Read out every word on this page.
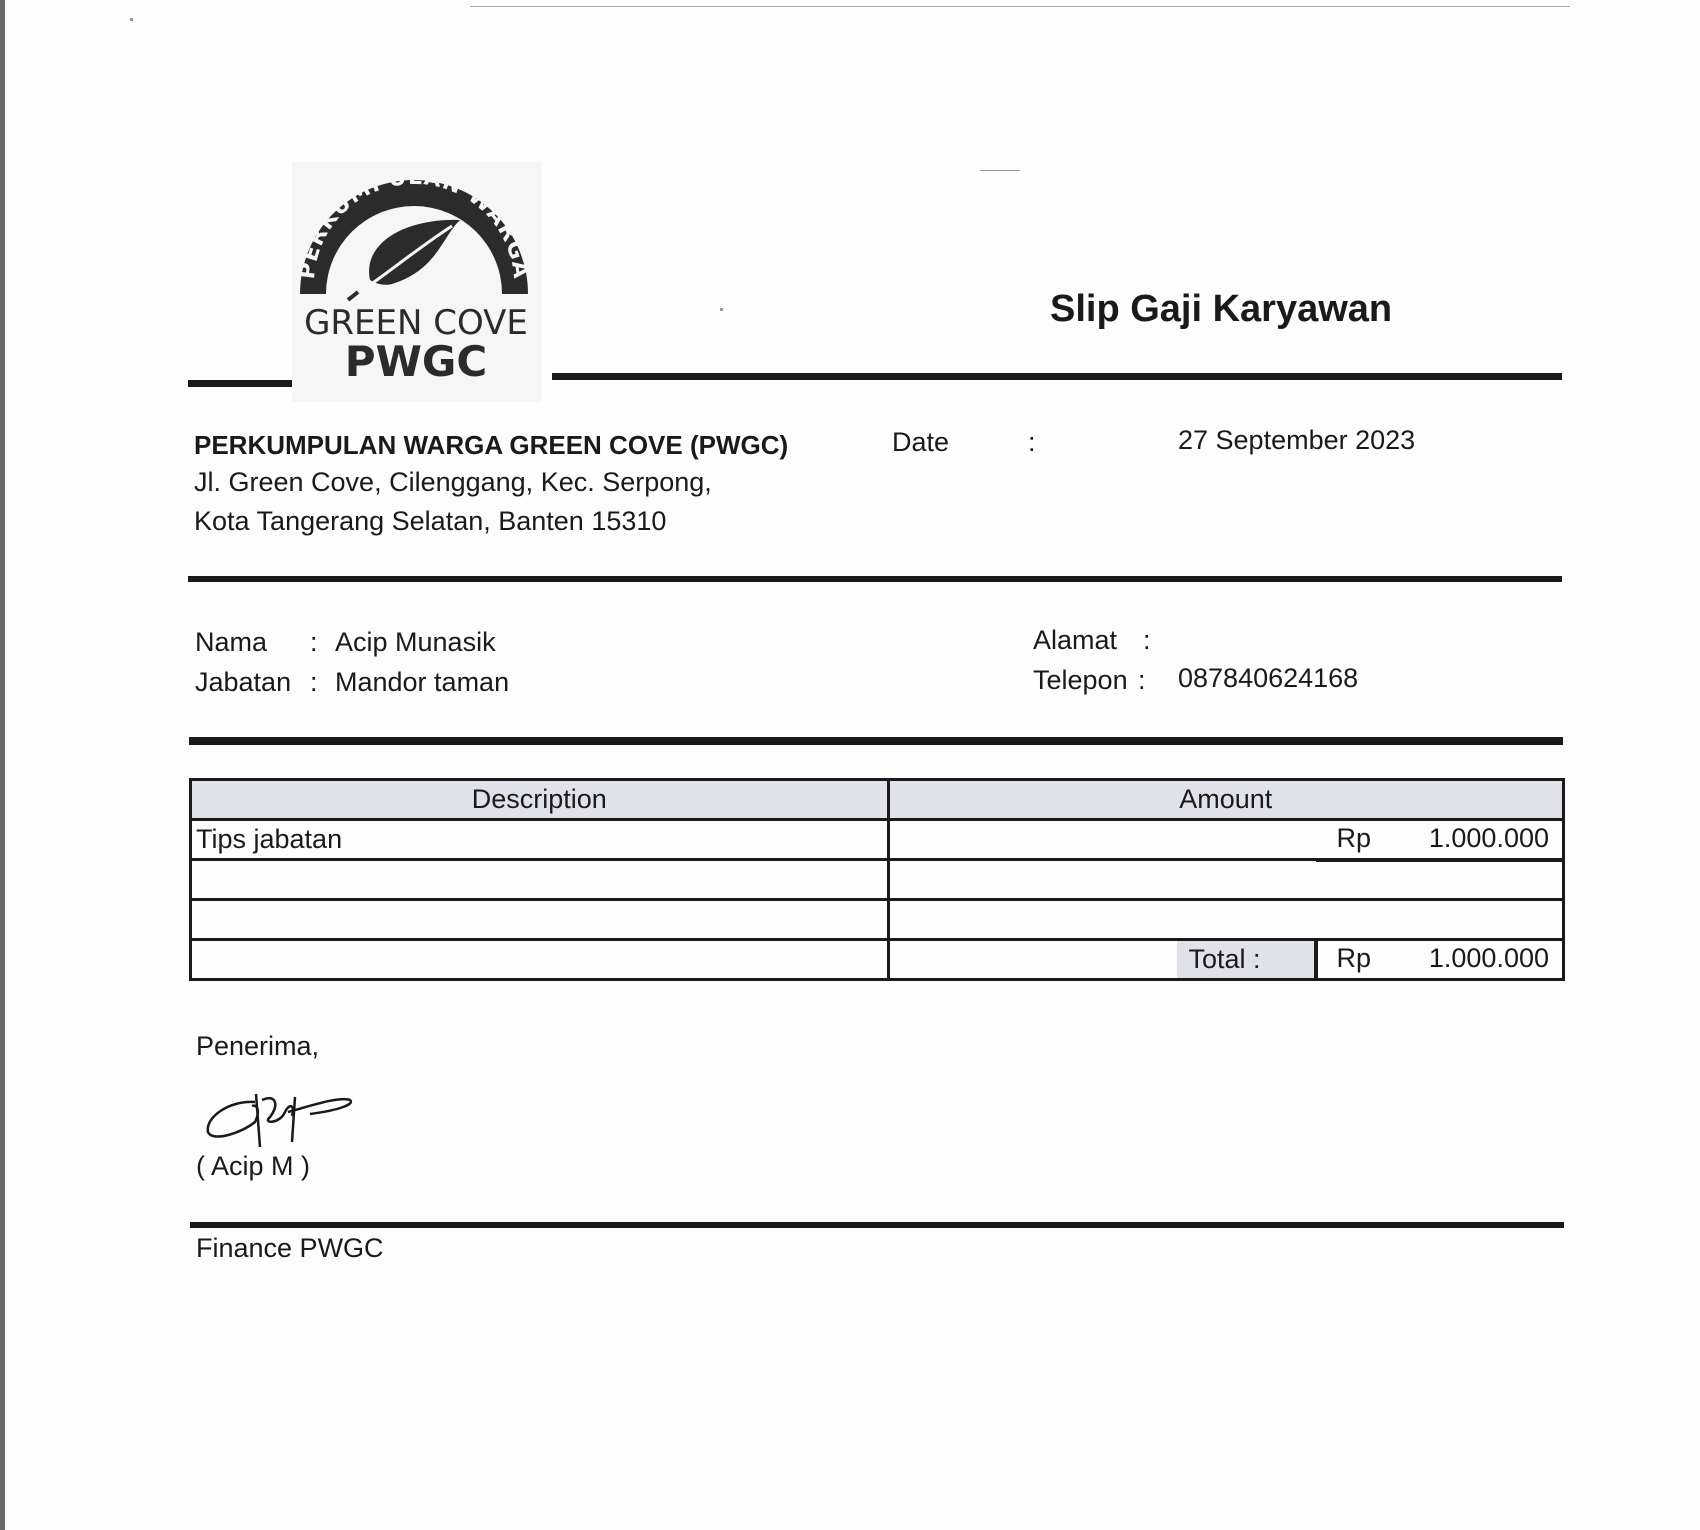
PERKUMPULAN WARGA
GREEN COVE
PWGC
Slip Gaji Karyawan
PERKUMPULAN WARGA GREEN COVE (PWGC)
Jl. Green Cove, Cilenggang, Kec. Serpong,
Kota Tangerang Selatan, Banten 15310
Date	:	27 September 2023
Nama : Acip Munasik
Jabatan : Mandor taman
Alamat :
Telepon : 087840624168
Description	Amount
Tips jabatan	Rp 1.000.000

	Total : Rp 1.000.000
Penerima,
( Acip M )
Finance PWGC
